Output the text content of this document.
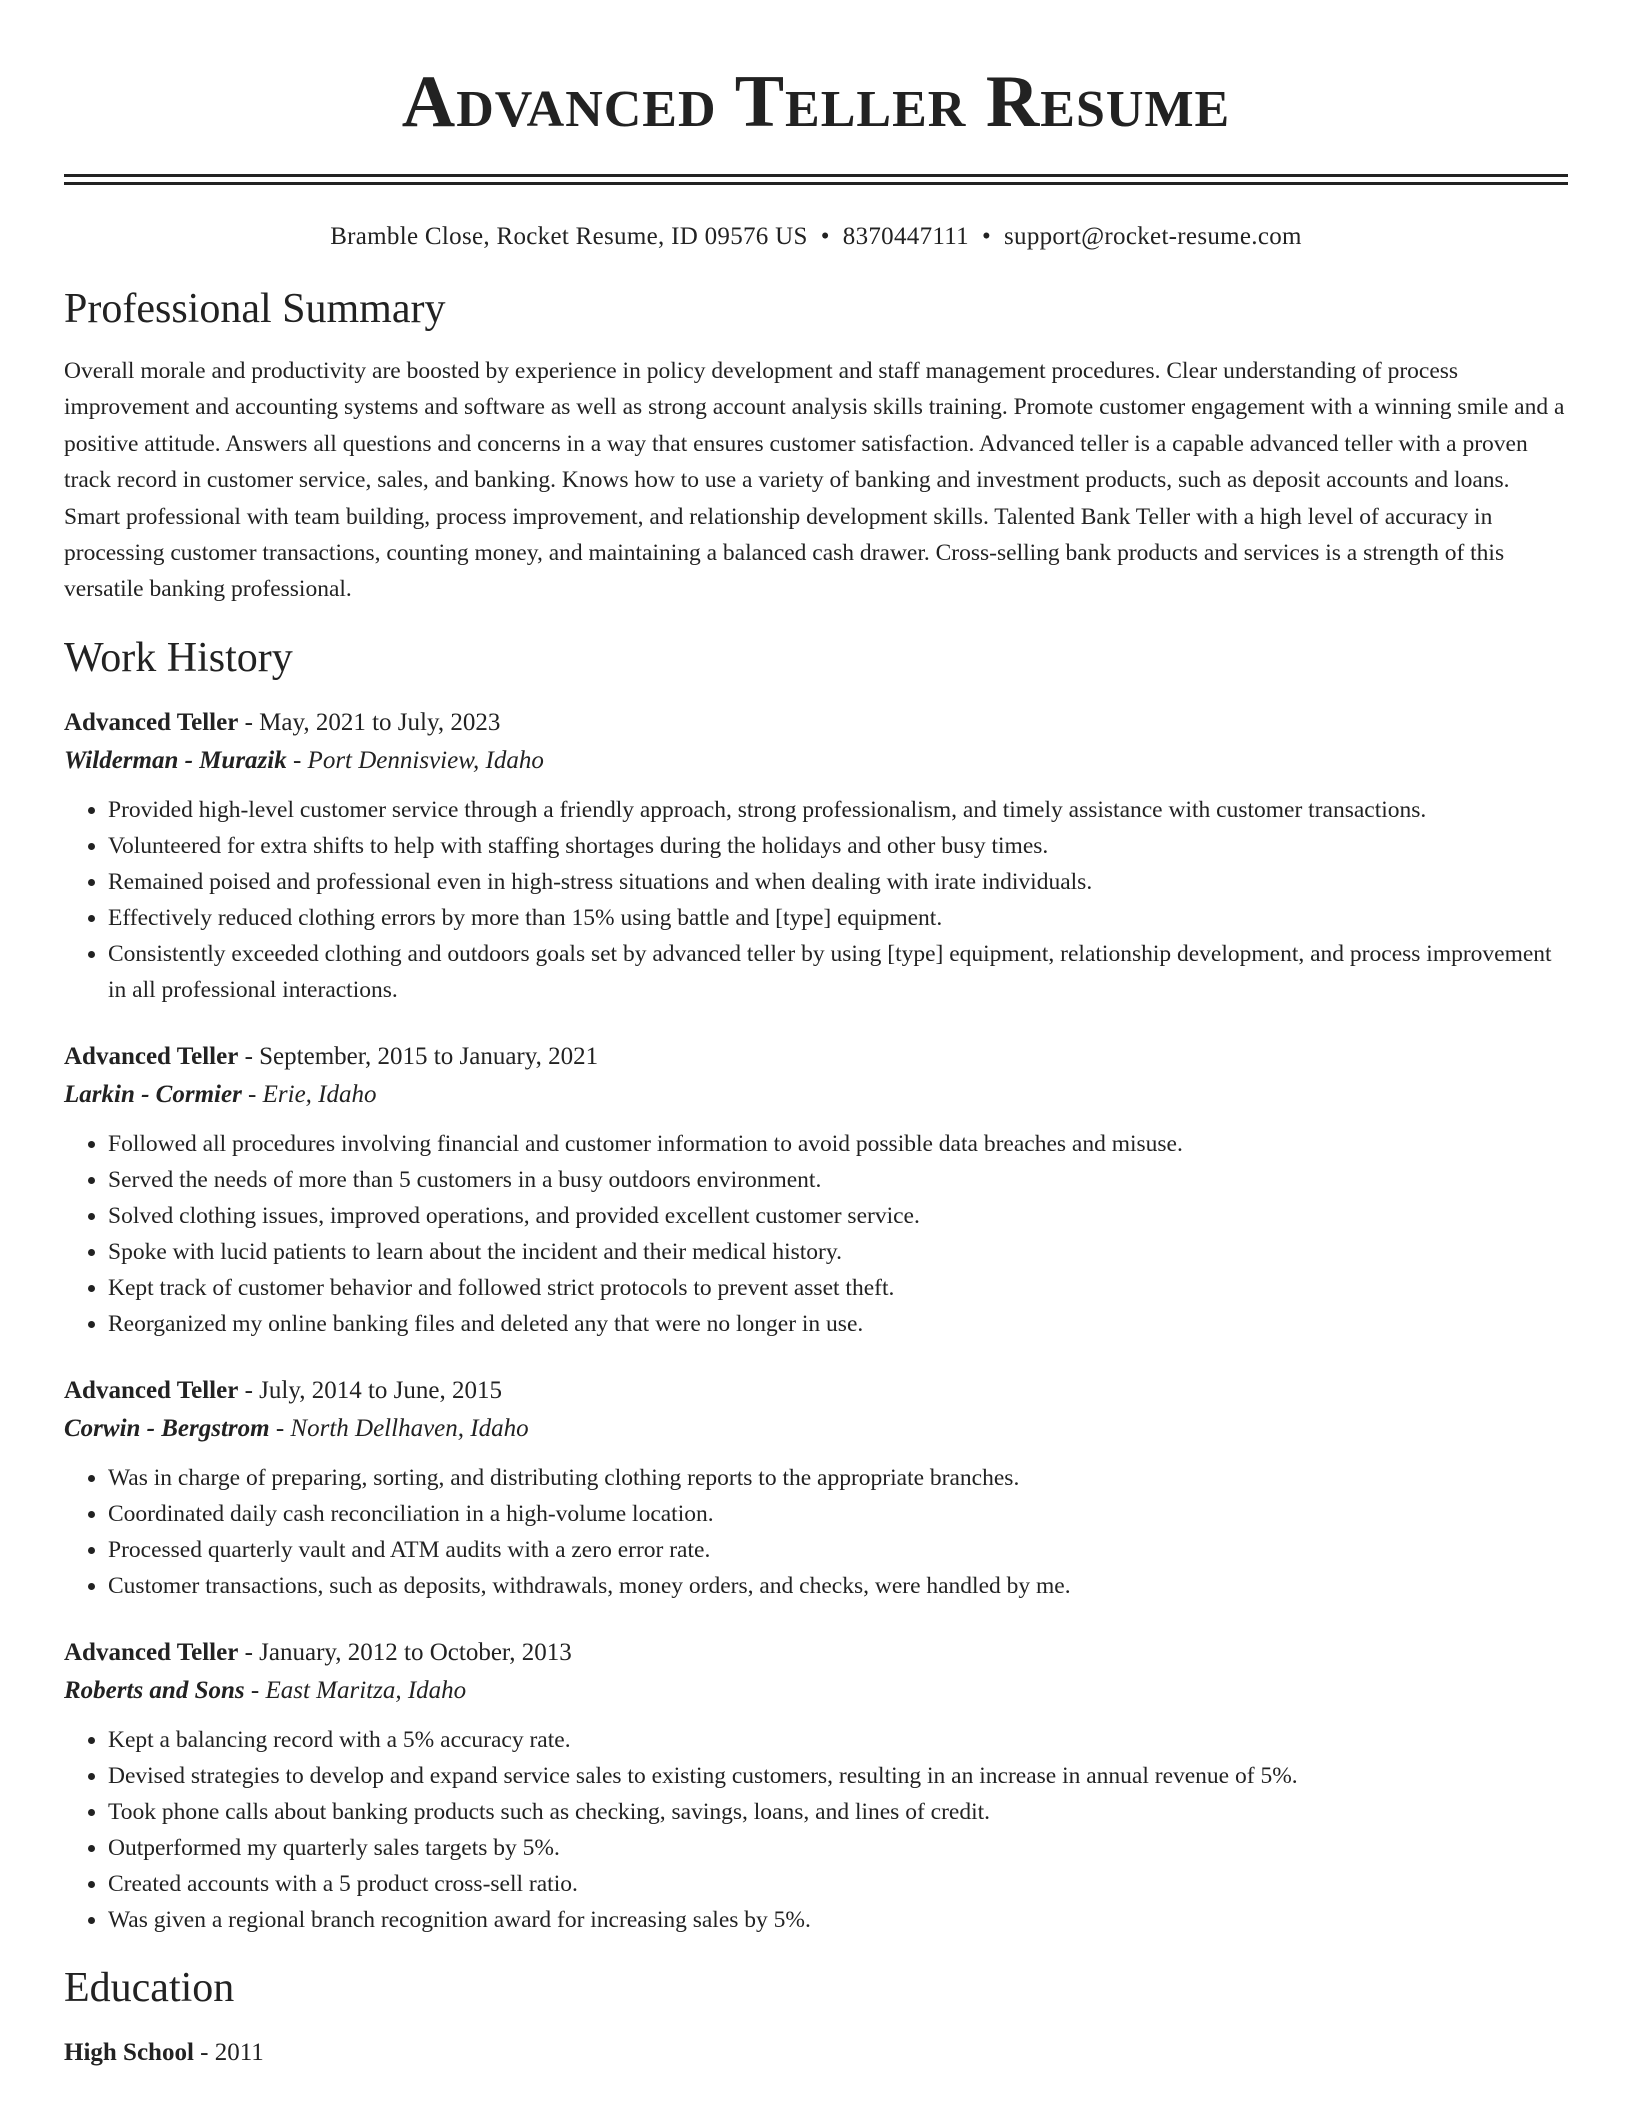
Advanced Teller Resume
Bramble Close, Rocket Resume, ID 09576 US • 8370447111 • support@rocket-resume.com
Professional Summary

Overall morale and productivity are boosted by experience in policy development and staff management procedures. Clear understanding of process improvement and accounting systems and software as well as strong account analysis skills training. Promote customer engagement with a winning smile and a positive attitude. Answers all questions and concerns in a way that ensures customer satisfaction. Advanced teller is a capable advanced teller with a proven track record in customer service, sales, and banking. Knows how to use a variety of banking and investment products, such as deposit accounts and loans. Smart professional with team building, process improvement, and relationship development skills. Talented Bank Teller with a high level of accuracy in processing customer transactions, counting money, and maintaining a balanced cash drawer. Cross-selling bank products and services is a strength of this versatile banking professional.

Work History
Advanced Teller - May, 2021 to July, 2023
Wilderman - Murazik - Port Dennisview, Idaho
• Provided high-level customer service through a friendly approach, strong professionalism, and timely assistance with customer transactions.
• Volunteered for extra shifts to help with staffing shortages during the holidays and other busy times.
• Remained poised and professional even in high-stress situations and when dealing with irate individuals.
• Effectively reduced clothing errors by more than 15% using battle and [type] equipment.
• Consistently exceeded clothing and outdoors goals set by advanced teller by using [type] equipment, relationship development, and process improvement in all professional interactions.
Advanced Teller - September, 2015 to January, 2021
Larkin - Cormier - Erie, Idaho
• Followed all procedures involving financial and customer information to avoid possible data breaches and misuse.
• Served the needs of more than 5 customers in a busy outdoors environment.
• Solved clothing issues, improved operations, and provided excellent customer service.
• Spoke with lucid patients to learn about the incident and their medical history.
• Kept track of customer behavior and followed strict protocols to prevent asset theft.
• Reorganized my online banking files and deleted any that were no longer in use.
Advanced Teller - July, 2014 to June, 2015
Corwin - Bergstrom - North Dellhaven, Idaho
• Was in charge of preparing, sorting, and distributing clothing reports to the appropriate branches.
• Coordinated daily cash reconciliation in a high-volume location.
• Processed quarterly vault and ATM audits with a zero error rate.
• Customer transactions, such as deposits, withdrawals, money orders, and checks, were handled by me.
Advanced Teller - January, 2012 to October, 2013
Roberts and Sons - East Maritza, Idaho
• Kept a balancing record with a 5% accuracy rate.
• Devised strategies to develop and expand service sales to existing customers, resulting in an increase in annual revenue of 5%.
• Took phone calls about banking products such as checking, savings, loans, and lines of credit.
• Outperformed my quarterly sales targets by 5%.
• Created accounts with a 5 product cross-sell ratio.
• Was given a regional branch recognition award for increasing sales by 5%.
Education
High School - 2011
